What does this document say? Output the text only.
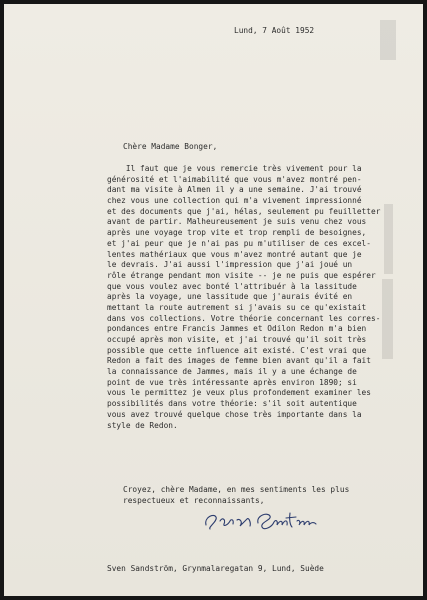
Lund, 7 Août 1952
Chère Madame Bonger,
Il faut que je vous remercie très vivement pour la
générosité et l'aimabilité que vous m'avez montré pen-
dant ma visite à Almen il y a une semaine. J'ai trouvé
chez vous une collection qui m'a vivement impressionné
et des documents que j'ai, hélas, seulement pu feuilletter
avant de partir. Malheureusement je suis venu chez vous
après une voyage trop vite et trop rempli de besoignes,
et j'ai peur que je n'ai pas pu m'utiliser de ces excel-
lentes mathériaux que vous m'avez montré autant que je
le devrais. J'ai aussi l'impression que j'ai joué un
rôle étrange pendant mon visite -- je ne puis que espérer
que vous voulez avec bonté l'attribuér à la lassitude
après la voyage, une lassitude que j'aurais évité en
mettant la route autrement si j'avais su ce qu'existait
dans vos collections. Votre théorie concernant les corres-
pondances entre Francis Jammes et Odilon Redon m'a bien
occupé après mon visite, et j'ai trouvé qu'il soit très
possible que cette influence ait existé. C'est vrai que
Redon a fait des images de femme bien avant qu'il a fait
la connaissance de Jammes, mais il y a une échange de
point de vue très intéressante après environ 1890; si
vous le permittez je veux plus profondement examiner les
possibilités dans votre théorie: s'il soit autentique
vous avez trouvé quelque chose très importante dans la
style de Redon.
Croyez, chère Madame, en mes sentiments les plus
respectueux et reconnaissants,
Sven Sandström, Grynmalaregatan 9, Lund, Suède
